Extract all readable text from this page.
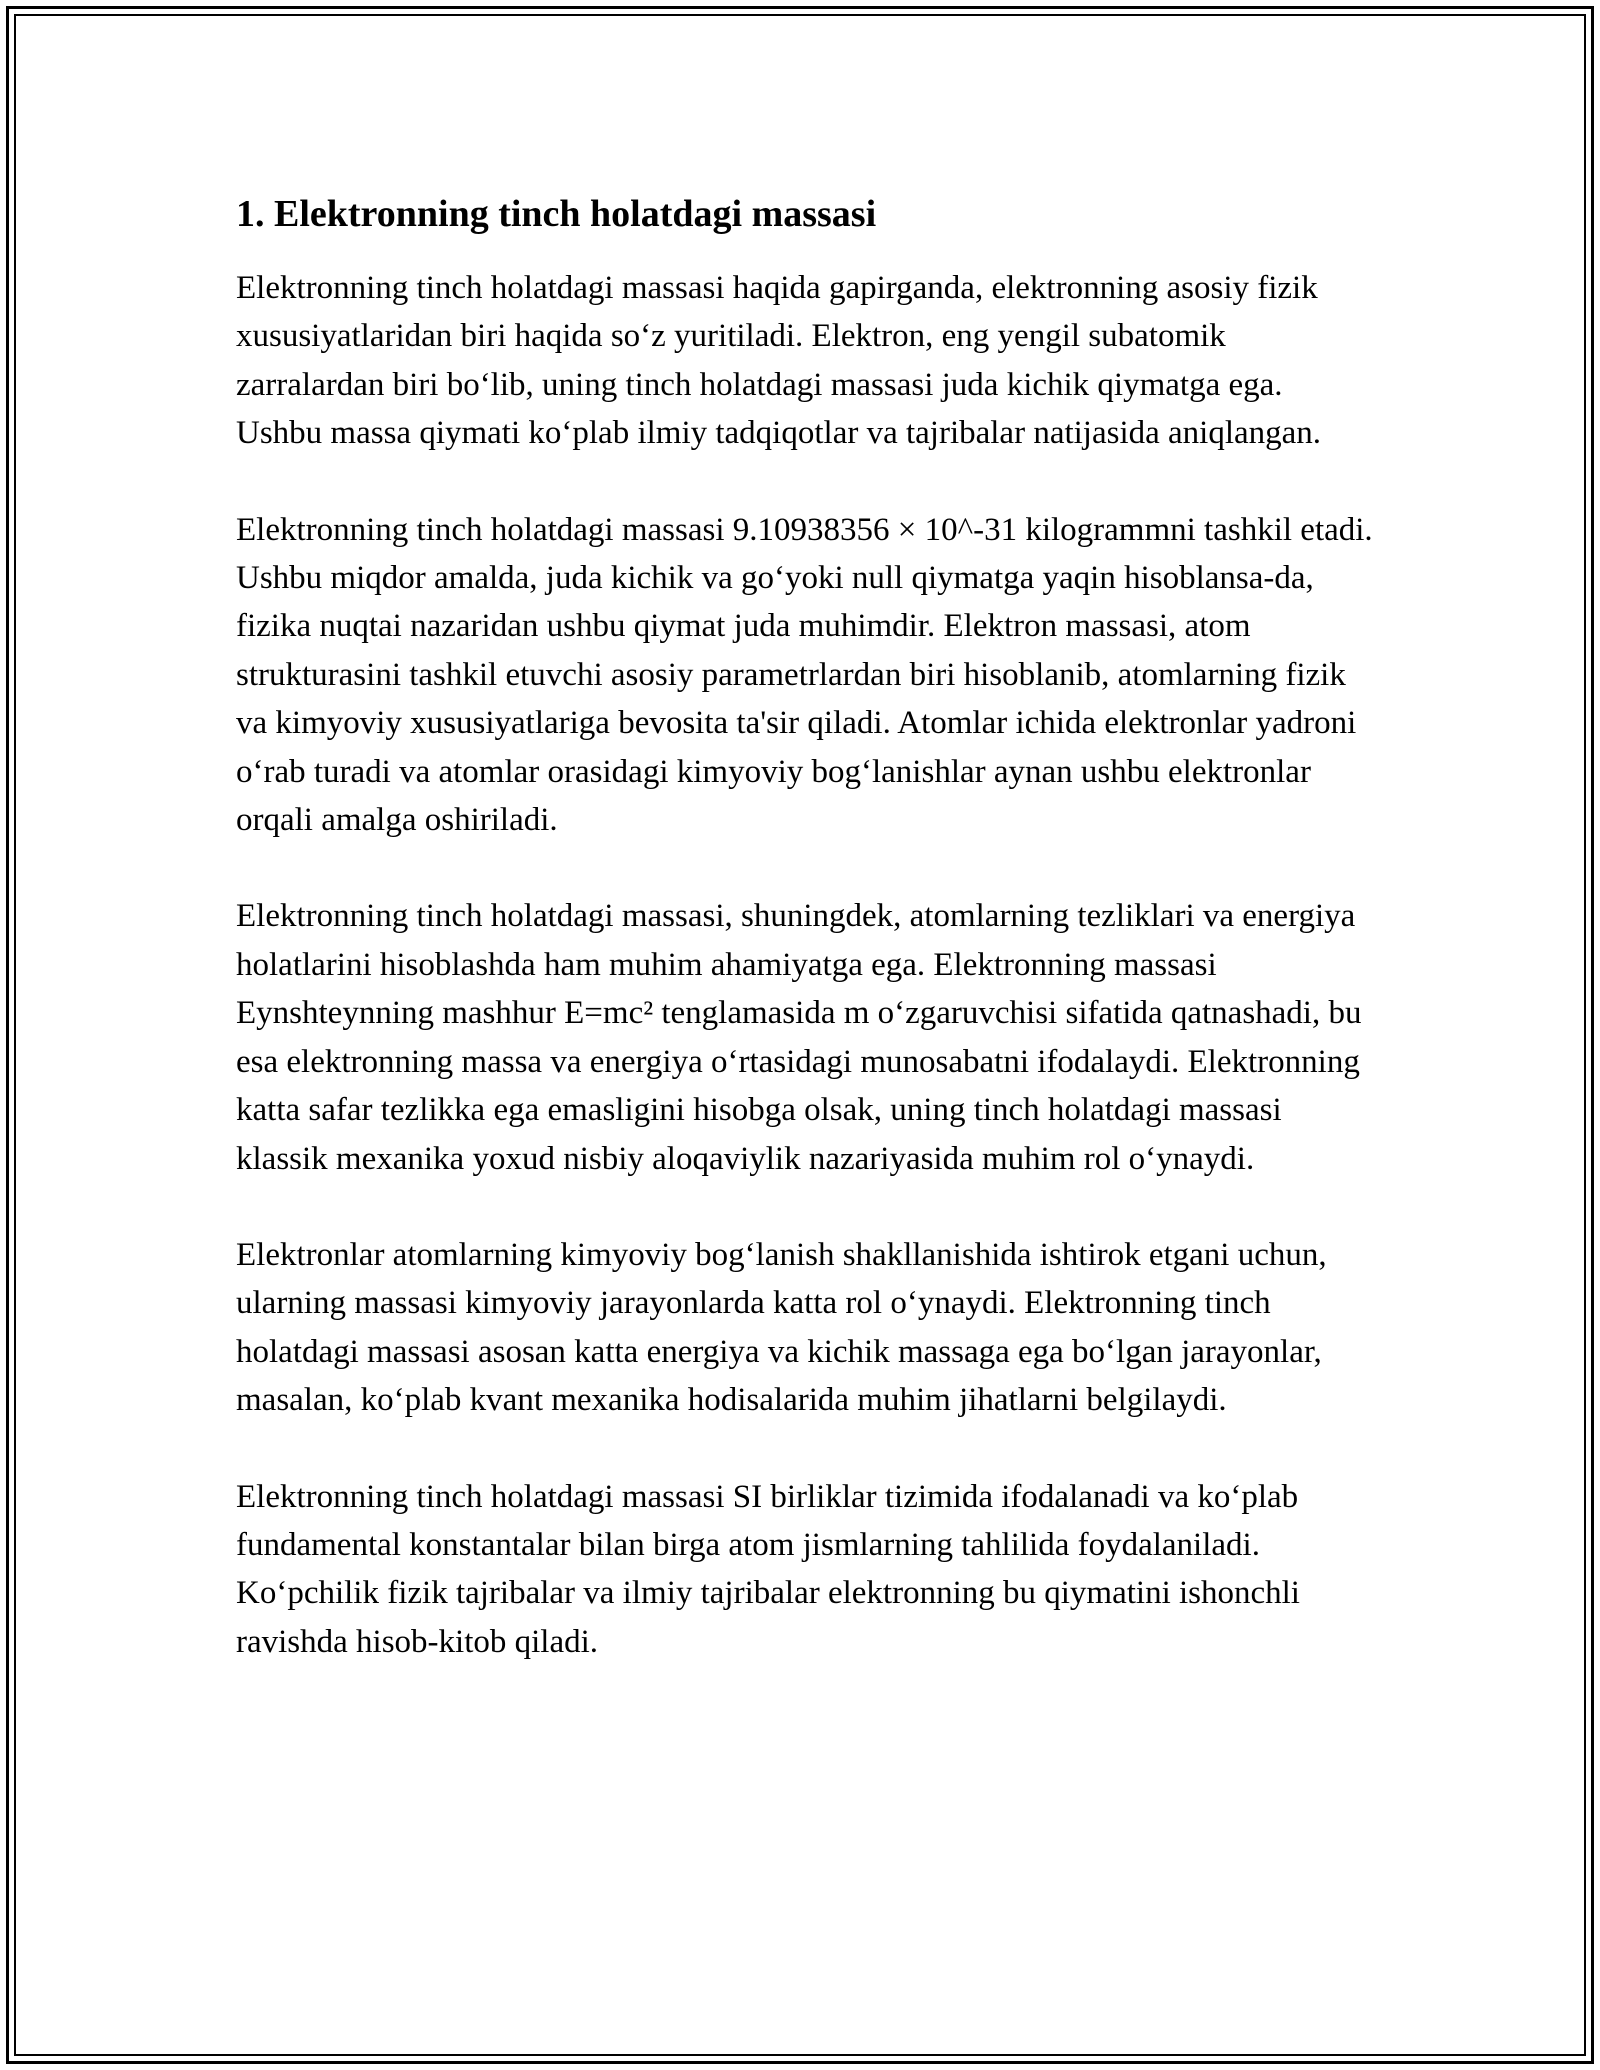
1. Elektronning tinch holatdagi massasi

Elektronning tinch holatdagi massasi haqida gapirganda, elektronning asosiy fizik xususiyatlaridan biri haqida so‘z yuritiladi. Elektron, eng yengil subatomik zarralardan biri bo‘lib, uning tinch holatdagi massasi juda kichik qiymatga ega. Ushbu massa qiymati ko‘plab ilmiy tadqiqotlar va tajribalar natijasida aniqlangan.

Elektronning tinch holatdagi massasi 9.10938356 × 10^-31 kilogrammni tashkil etadi. Ushbu miqdor amalda, juda kichik va go‘yoki null qiymatga yaqin hisoblansa-da, fizika nuqtai nazaridan ushbu qiymat juda muhimdir. Elektron massasi, atom strukturasini tashkil etuvchi asosiy parametrlardan biri hisoblanib, atomlarning fizik va kimyoviy xususiyatlariga bevosita ta'sir qiladi. Atomlar ichida elektronlar yadroni o‘rab turadi va atomlar orasidagi kimyoviy bog‘lanishlar aynan ushbu elektronlar orqali amalga oshiriladi.

Elektronning tinch holatdagi massasi, shuningdek, atomlarning tezliklari va energiya holatlarini hisoblashda ham muhim ahamiyatga ega. Elektronning massasi Eynshteynning mashhur E=mc² tenglamasida m o‘zgaruvchisi sifatida qatnashadi, bu esa elektronning massa va energiya o‘rtasidagi munosabatni ifodalaydi. Elektronning katta safar tezlikka ega emasligini hisobga olsak, uning tinch holatdagi massasi klassik mexanika yoxud nisbiy aloqaviylik nazariyasida muhim rol o‘ynaydi.

Elektronlar atomlarning kimyoviy bog‘lanish shakllanishida ishtirok etgani uchun, ularning massasi kimyoviy jarayonlarda katta rol o‘ynaydi. Elektronning tinch holatdagi massasi asosan katta energiya va kichik massaga ega bo‘lgan jarayonlar, masalan, ko‘plab kvant mexanika hodisalarida muhim jihatlarni belgilaydi.

Elektronning tinch holatdagi massasi SI birliklar tizimida ifodalanadi va ko‘plab fundamental konstantalar bilan birga atom jismlarning tahlilida foydalaniladi. Ko‘pchilik fizik tajribalar va ilmiy tajribalar elektronning bu qiymatini ishonchli ravishda hisob-kitob qiladi.
